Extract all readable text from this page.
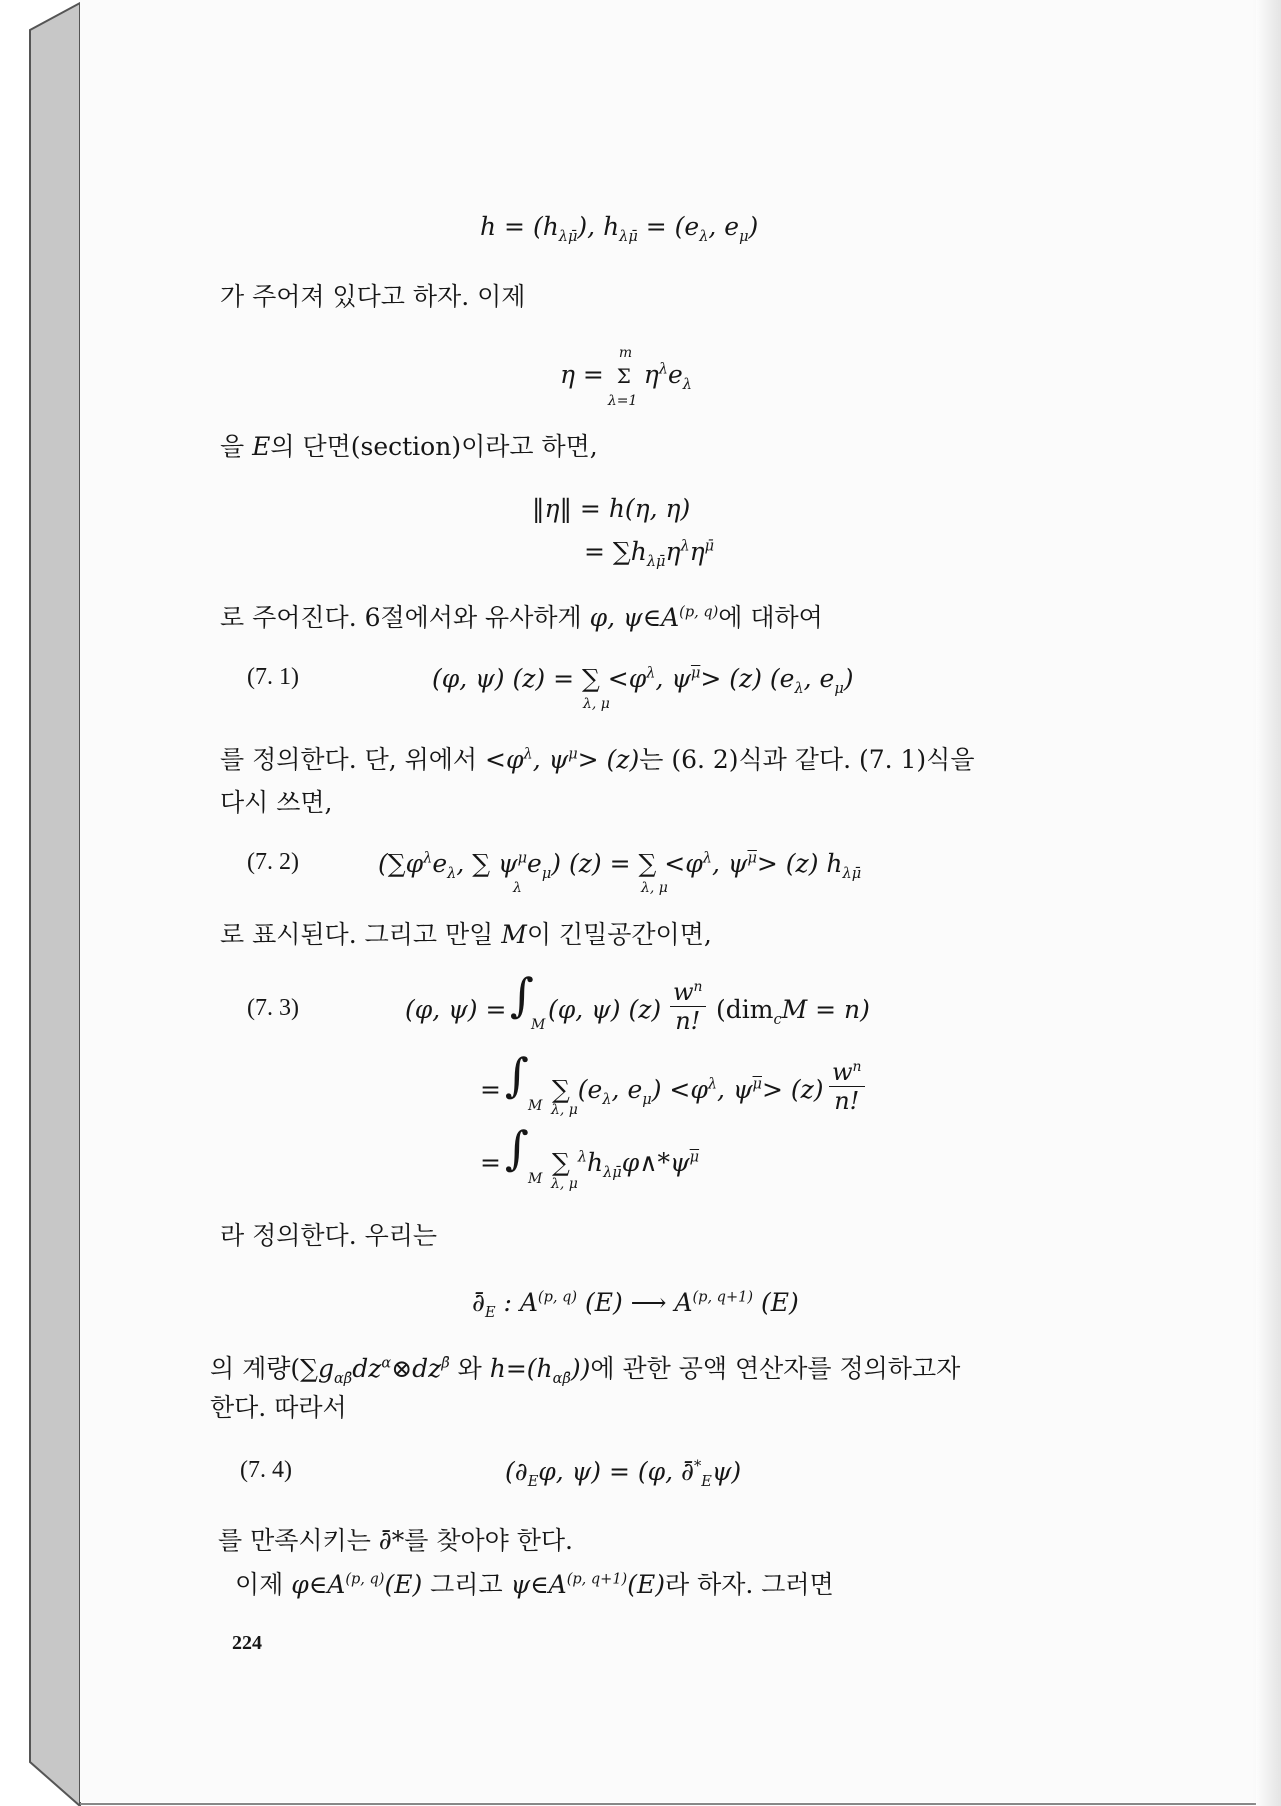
$h = (h_{\lambda\mū})$, $h_{\lambda\mū} = (e_\lambda$, $e_\mu$)
가 주어져 있다고 하자. 이제
η =
m
Σ
λ=1
$\eta^\lambda e_\lambda$
을 E의 단면(section)이라고 하면,
‖η‖ = h(η, η)
= $\sum h_{\lambda\mū}\eta^\lambda\eta^{\mū}$
로 주어진다. 6절에서와 유사하게 φ, $\psi\in A^{(p, q)}$에 대하여
(7. 1)	(φ, ψ) (z) = ∑ $<\varphi^\lambda$, $\psi^{\overline{\mu}}> (z)$ ($e_\lambda$, $e_\mu$)
λ, μ
를 정의한다. 단, 위에서 $<\varphi^\lambda$, $\psi^\mu> (z)$는 (6. 2)식과 같다. (7. 1)식을
다시 쓰면,
(7. 2)	($\sum\varphi^\lambda e_\lambda$, ∑ $\psi^\mu e_\mu$) (z) = ∑ $<\varphi^\lambda$, $\psi^{\overline{\mu}}> (z)$ $h_{\lambda\mū}$
λ	λ, μ
로 표시된다. 그리고 만일 M이 긴밀공간이면,
(7. 3)	(φ, ψ) = ∫
M
(φ, ψ) $(z) \frac{w^n}{n!} (dim_cM = n)$
= ∫
M
∑ ($e_\lambda$, $e_\mu) <\varphi^\lambda$, $\psi^{\overline{\mu}}> (z)$
λ, μ	$\frac{w^n}{n!}$
= ∫
M
∑ $^\lambda h_{\lambda\mū}\varphi\wedge*\psi^{\overline{\mu}}$
λ, μ
라 정의한다. 우리는
$\partial̄_E$ : A$^{(p, q)}$ (E) ⟶ $A^{(p, q+1)}$ (E)
의 계량($\sum g_{\alpha\betā}dz^\alpha\otimes dz^{\betā}$ 와 $h=(h_{\alpha\betā})$)에 관한 공액 연산자를 정의하고자
한다. 따라서
(7. 4)	($\partial_E\varphi$, ψ) = (φ, $\partial̄^*_E\psi$)
를 만족시키는 ∂̄*를 찾아야 한다.
이제 $\varphi\in A^{(p, q)}(E)$ 그리고 $\psi\in A^{(p, q+1)}(E)$라 하자. 그러면
224
